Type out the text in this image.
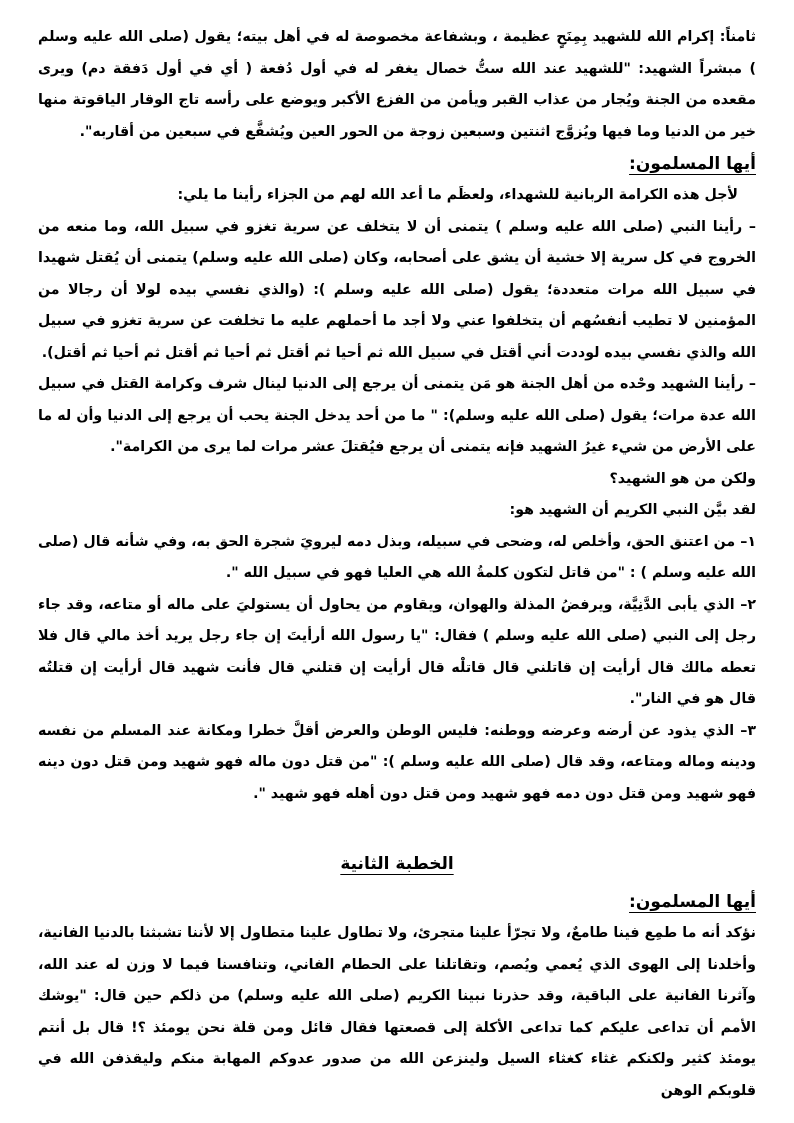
ثامناً: إكرام الله للشهيد بِمِنَحٍ عظيمة ، وبشفاعة مخصوصة له في أهل بيته؛ يقول (صلى الله عليه وسلم ) مبشراً الشهيد: "للشهيد عند الله ستُّ خصال يغفر له في أول دُفعة ( أي في أول دَفقة دم) ويرى مقعده من الجنة ويُجار من عذاب القبر ويأمن من الفزع الأكبر ويوضع على رأسه تاج الوقار الياقوتة منها خير من الدنيا وما فيها ويُزوَّج اثنتين وسبعين زوجة من الحور العين ويُشفَّع في سبعين من أقاربه".

أيها المسلمون:

لأجل هذه الكرامة الربانية للشهداء، ولعظَم ما أعد الله لهم من الجزاء رأينا ما يلي:

– رأينا النبي (صلى الله عليه وسلم ) يتمنى أن لا يتخلف عن سرية تغزو في سبيل الله، وما منعه من الخروج في كل سرية إلا خشية أن يشق على أصحابه، وكان (صلى الله عليه وسلم) يتمنى أن يُقتل شهيدا في سبيل الله مرات متعددة؛ يقول (صلى الله عليه وسلم ): (والذي نفسي بيده لولا أن رجالا من المؤمنين لا تطيب أنفسُهم أن يتخلفوا عني ولا أجد ما أحملهم عليه ما تخلفت عن سرية تغزو في سبيل الله والذي نفسي بيده لوددت أني أقتل في سبيل الله ثم أحيا ثم أقتل ثم أحيا ثم أقتل ثم أحيا ثم أقتل).

– رأينا الشهيد وحْده من أهل الجنة هو مَن يتمنى أن يرجع إلى الدنيا لينال شرف وكرامة القتل في سبيل الله عدة مرات؛ يقول (صلى الله عليه وسلم): " ما من أحد يدخل الجنة يحب أن يرجع إلى الدنيا وأن له ما على الأرض من شيء غيرُ الشهيد فإنه يتمنى أن يرجع فيُقتلَ عشر مرات لما يرى من الكرامة".

ولكن من هو الشهيد؟

لقد بيَّن النبي الكريم أن الشهيد هو:

١– من اعتنق الحق، وأخلص له، وضحى في سبيله، وبذل دمه ليرويَ شجرة الحق به، وفي شأنه قال (صلى الله عليه وسلم ) : "من قاتل لتكون كلمةُ الله هي العليا فهو في سبيل الله ".

٢– الذي يأبى الدَّنِيَّة، ويرفضُ المذلة والهوان، ويقاوم من يحاول أن يستوليَ على ماله أو متاعه، وقد جاء رجل إلى النبي (صلى الله عليه وسلم ) فقال: "يا رسول الله أرأيتَ إن جاء رجل يريد أخذ مالي قال فلا تعطه مالك قال أرأيت إن قاتلني قال قاتلْه قال أرأيت إن قتلني قال فأنت شهيد قال أرأيت إن قتلتُه قال هو في النار".

٣– الذي يذود عن أرضه وعرضه ووطنه: فليس الوطن والعرض أقلَّ خطرا ومكانة عند المسلم من نفسه ودينه وماله ومتاعه، وقد قال (صلى الله عليه وسلم ): "من قتل دون ماله فهو شهيد ومن قتل دون دينه فهو شهيد ومن قتل دون دمه فهو شهيد ومن قتل دون أهله فهو شهيد ".

الخطبة الثانية

أيها المسلمون:

نؤكد أنه ما طمِع فينا طامعٌ، ولا تجرّأ علينا متجرئ، ولا تطاول علينا متطاول إلا لأننا تشبثنا بالدنيا الفانية، وأخلدنا إلى الهوى الذي يُعمي ويُصم، وتقاتلنا على الحطام الفاني، وتنافسنا فيما لا وزن له عند الله، وآثرنا الفانية على الباقية، وقد حذرنا نبينا الكريم (صلى الله عليه وسلم) من ذلكم حين قال: "يوشك الأمم أن تداعى عليكم كما تداعى الأكلة إلى قصعتها فقال قائل ومن قلة نحن يومئذ ؟! قال بل أنتم يومئذ كثير ولكنكم غثاء كغثاء السيل ولينزعن الله من صدور عدوكم المهابة منكم وليقذفن الله في قلوبكم الوهن
